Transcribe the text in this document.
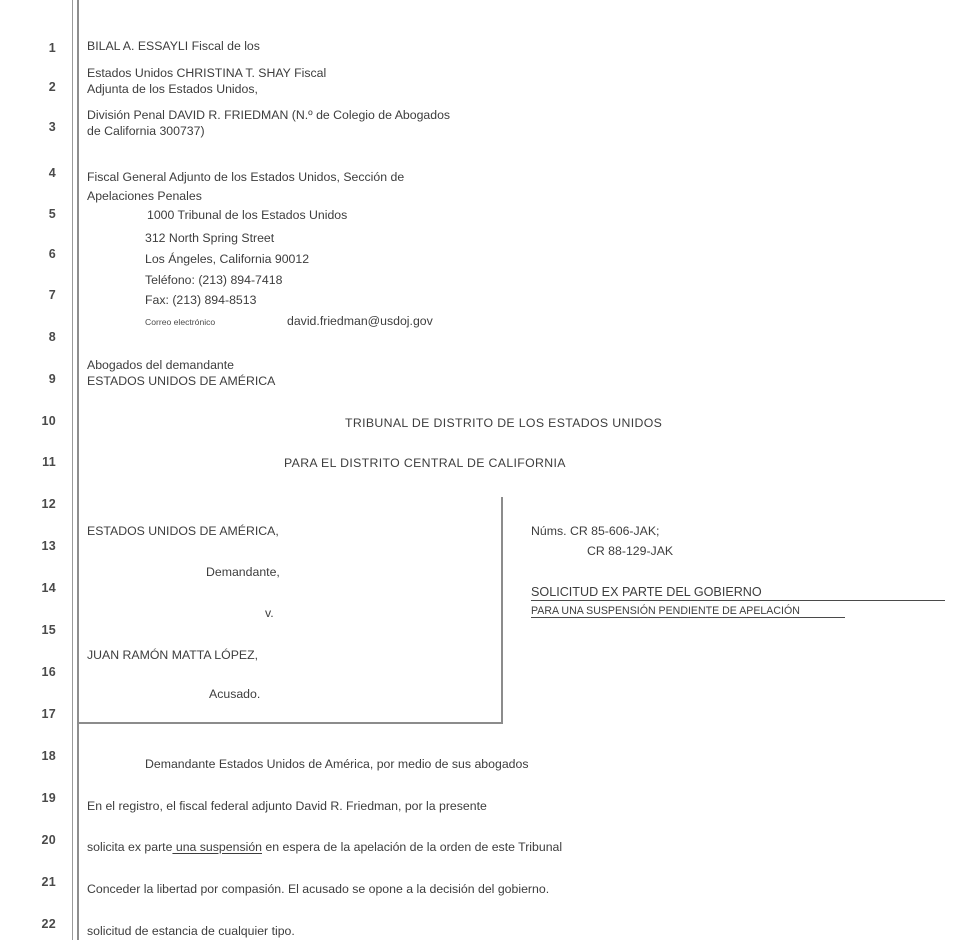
1
2
3
4
5
6
7
8
9
10
11
12
13
14
15
16
17
18
19
20
21
22
BILAL A. ESSAYLI Fiscal de los
Estados Unidos CHRISTINA T. SHAY Fiscal
Adjunta de los Estados Unidos,
División Penal DAVID R. FRIEDMAN (N.º de Colegio de Abogados
de California 300737)
Fiscal General Adjunto de los Estados Unidos, Sección de
Apelaciones Penales
1000 Tribunal de los Estados Unidos
312 North Spring Street
Los Ángeles, California 90012
Teléfono: (213) 894-7418
Fax: (213) 894-8513
Correo electrónico	david.friedman@usdoj.gov
Abogados del demandante
ESTADOS UNIDOS DE AMÉRICA
TRIBUNAL DE DISTRITO DE LOS ESTADOS UNIDOS
PARA EL DISTRITO CENTRAL DE CALIFORNIA
ESTADOS UNIDOS DE AMÉRICA,
Demandante,
v.
JUAN RAMÓN MATTA LÓPEZ,
Acusado.
Núms. CR 85-606-JAK;
CR 88-129-JAK
SOLICITUD EX PARTE DEL GOBIERNO
PARA UNA SUSPENSIÓN PENDIENTE DE APELACIÓN
Demandante Estados Unidos de América, por medio de sus abogados
En el registro, el fiscal federal adjunto David R. Friedman, por la presente
solicita ex parte una suspensión en espera de la apelación de la orden de este Tribunal
Conceder la libertad por compasión. El acusado se opone a la decisión del gobierno.
solicitud de estancia de cualquier tipo.
